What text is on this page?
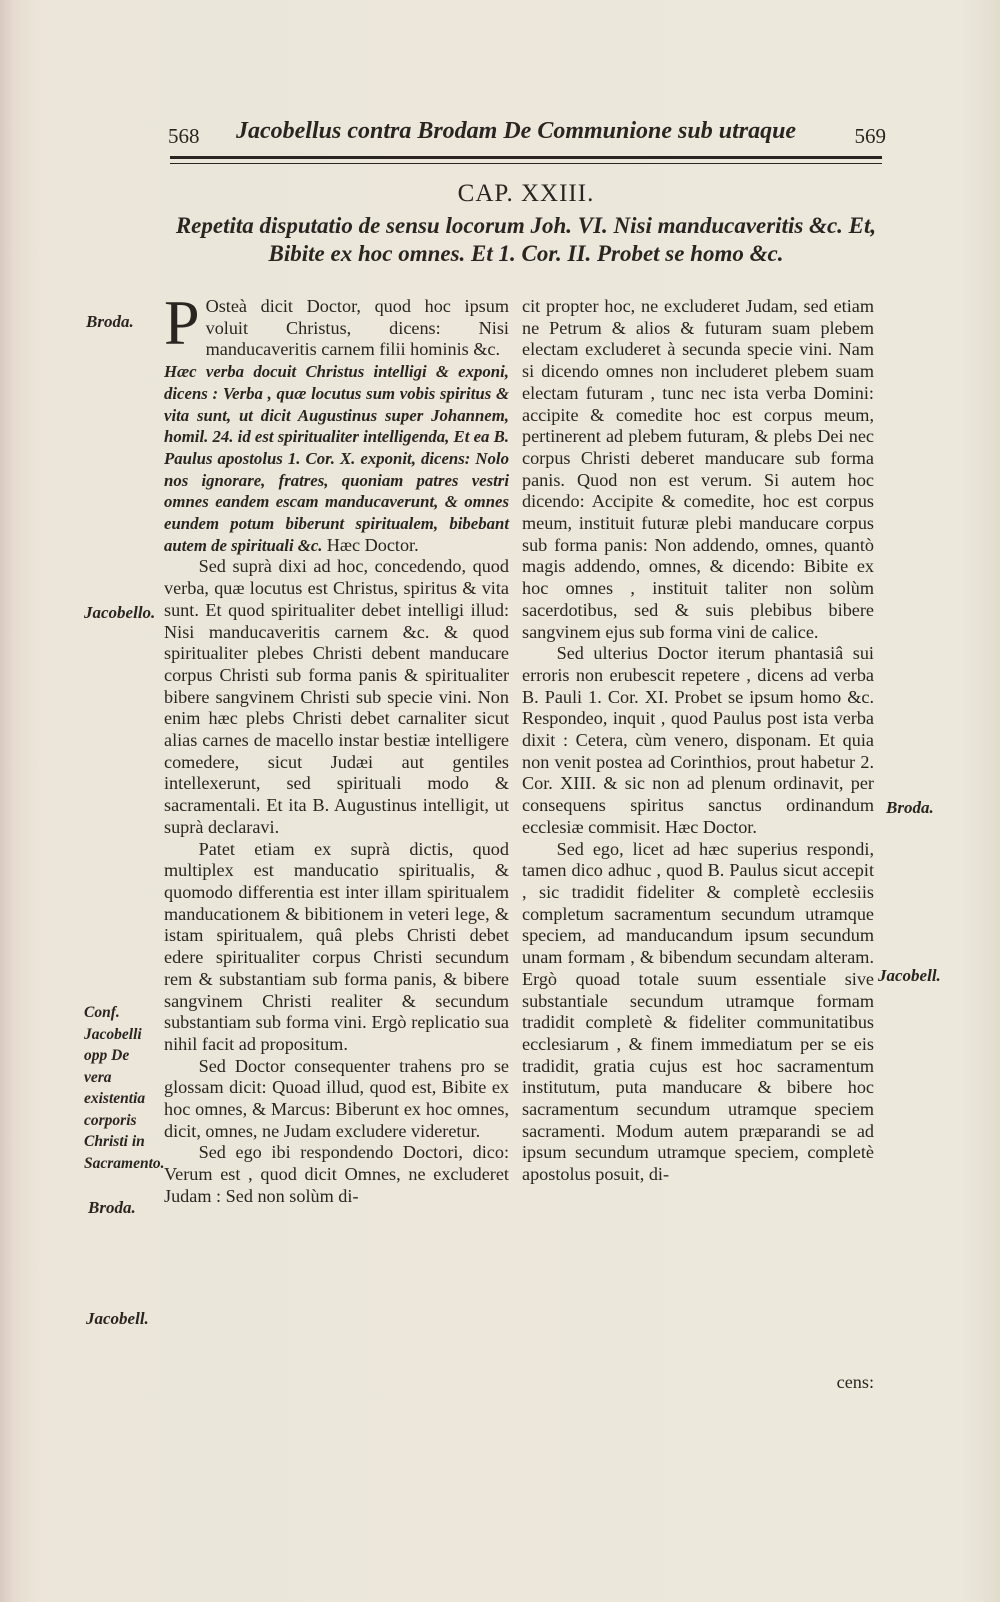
568 Jacobellus contra Brodam De Communione sub utraque	569
CAP. XXIII.
Repetita disputatio de sensu locorum Joh. VI. Nisi manducaveritis &c. Et, Bibite ex hoc omnes. Et 1. Cor. II. Probet se homo &c.
Broda.
Jacobello.
Conf. Jacobelli opp De vera existentia corporis Christi in Sacramento.
Broda.
Jacobell.
Broda.
Jacobell.

P Osteà dicit Doctor, quod hoc ipsum voluit Christus, dicens: Nisi manducaveritis carnem filii hominis &c.

Hæc verba docuit Christus intelligi & exponi, dicens : Verba , quæ locutus sum vobis spiritus & vita sunt, ut dicit Augustinus super Johannem, homil. 24. id est spiritualiter intelligenda, Et ea B. Paulus apostolus 1. Cor. X. exponit, dicens: Nolo nos ignorare, fratres, quoniam patres vestri omnes eandem escam manducaverunt, & omnes eundem potum biberunt spiritualem, bibebant autem de spirituali &c. Hæc Doctor.

Sed suprà dixi ad hoc, concedendo, quod verba, quæ locutus est Christus, spiritus & vita sunt. Et quod spiritualiter debet intelligi illud: Nisi manducaveritis carnem &c. & quod spiritualiter plebes Christi debent manducare corpus Christi sub forma panis & spiritualiter bibere sangvinem Christi sub specie vini. Non enim hæc plebs Christi debet carnaliter sicut alias carnes de macello instar bestiæ intelligere comedere, sicut Judæi aut gentiles intellexerunt, sed spirituali modo & sacramentali. Et ita B. Augustinus intelligit, ut suprà declaravi.

Patet etiam ex suprà dictis, quod multiplex est manducatio spiritualis, & quomodo differentia est inter illam spiritualem manducationem & bibitionem in veteri lege, & istam spiritualem, quâ plebs Christi debet edere spiritualiter corpus Christi secundum rem & substantiam sub forma panis, & bibere sangvinem Christi realiter & secundum substantiam sub forma vini. Ergò replicatio sua nihil facit ad propositum.

Sed Doctor consequenter trahens pro se glossam dicit: Quoad illud, quod est, Bibite ex hoc omnes, & Marcus: Biberunt ex hoc omnes, dicit, omnes, ne Judam excludere videretur.

Sed ego ibi respondendo Doctori, dico: Verum est , quod dicit Omnes, ne excluderet Judam : Sed non solùm di-

cit propter hoc, ne excluderet Judam, sed etiam ne Petrum & alios & futuram suam plebem electam excluderet à secunda specie vini. Nam si dicendo omnes non includeret plebem suam electam futuram , tunc nec ista verba Domini: accipite & comedite hoc est corpus meum, pertinerent ad plebem futuram, & plebs Dei nec corpus Christi deberet manducare sub forma panis. Quod non est verum. Si autem hoc dicendo: Accipite & comedite, hoc est corpus meum, instituit futuræ plebi manducare corpus sub forma panis: Non addendo, omnes, quantò magis addendo, omnes, & dicendo: Bibite ex hoc omnes , instituit taliter non solùm sacerdotibus, sed & suis plebibus bibere sangvinem ejus sub forma vini de calice.

Sed ulterius Doctor iterum phantasiâ sui erroris non erubescit repetere , dicens ad verba B. Pauli 1. Cor. XI. Probet se ipsum homo &c. Respondeo, inquit , quod Paulus post ista verba dixit : Cetera, cùm venero, disponam. Et quia non venit postea ad Corinthios, prout habetur 2. Cor. XIII. & sic non ad plenum ordinavit, per consequens spiritus sanctus ordinandum ecclesiæ commisit. Hæc Doctor.

Sed ego, licet ad hæc superius respondi, tamen dico adhuc , quod B. Paulus sicut accepit , sic tradidit fideliter & completè ecclesiis completum sacramentum secundum utramque speciem, ad manducandum ipsum secundum unam formam , & bibendum secundam alteram. Ergò quoad totale suum essentiale sive substantiale secundum utramque formam tradidit completè & fideliter communitatibus ecclesiarum , & finem immediatum per se eis tradidit, gratia cujus est hoc sacramentum institutum, puta manducare & bibere hoc sacramentum secundum utramque speciem sacramenti. Modum autem præparandi se ad ipsum secundum utramque speciem, completè apostolus posuit, di-

cens:
